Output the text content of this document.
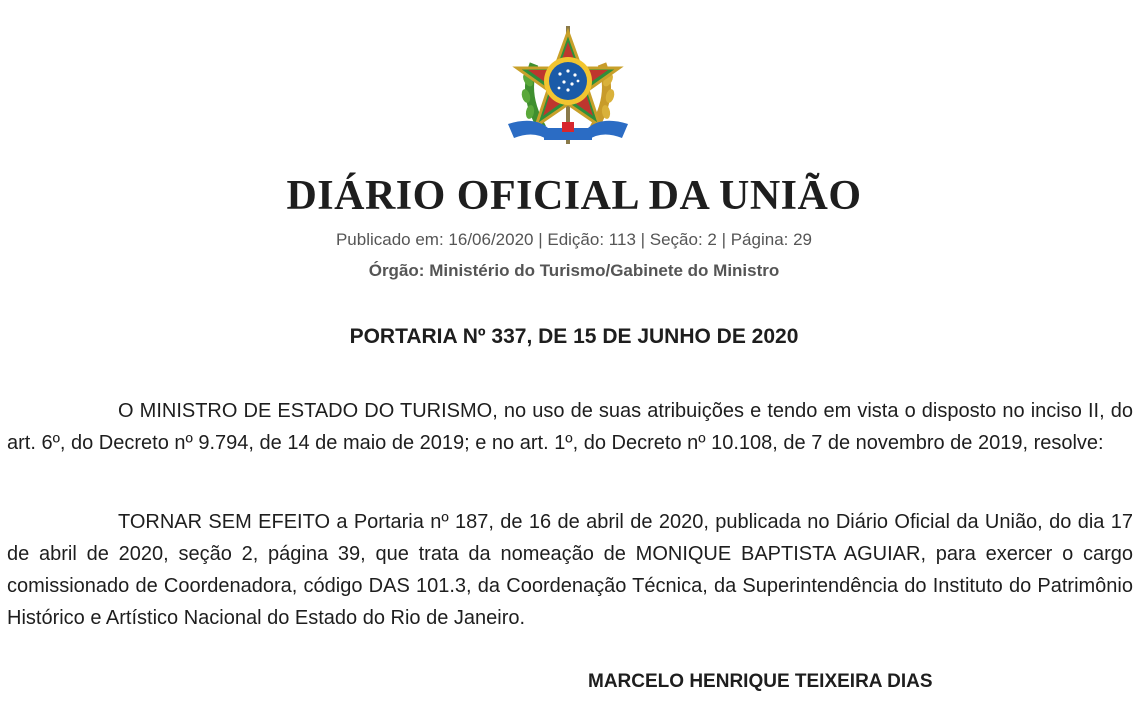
DIÁRIO OFICIAL DA UNIÃO
Publicado em: 16/06/2020 | Edição: 113 | Seção: 2 | Página: 29
Órgão: Ministério do Turismo/Gabinete do Ministro
PORTARIA Nº 337, DE 15 DE JUNHO DE 2020

O MINISTRO DE ESTADO DO TURISMO, no uso de suas atribuições e tendo em vista o disposto no inciso II, do art. 6º, do Decreto nº 9.794, de 14 de maio de 2019; e no art. 1º, do Decreto nº 10.108, de 7 de novembro de 2019, resolve:

TORNAR SEM EFEITO a Portaria nº 187, de 16 de abril de 2020, publicada no Diário Oficial da União, do dia 17 de abril de 2020, seção 2, página 39, que trata da nomeação de MONIQUE BAPTISTA AGUIAR, para exercer o cargo comissionado de Coordenadora, código DAS 101.3, da Coordenação Técnica, da Superintendência do Instituto do Patrimônio Histórico e Artístico Nacional do Estado do Rio de Janeiro.

MARCELO HENRIQUE TEIXEIRA DIAS
